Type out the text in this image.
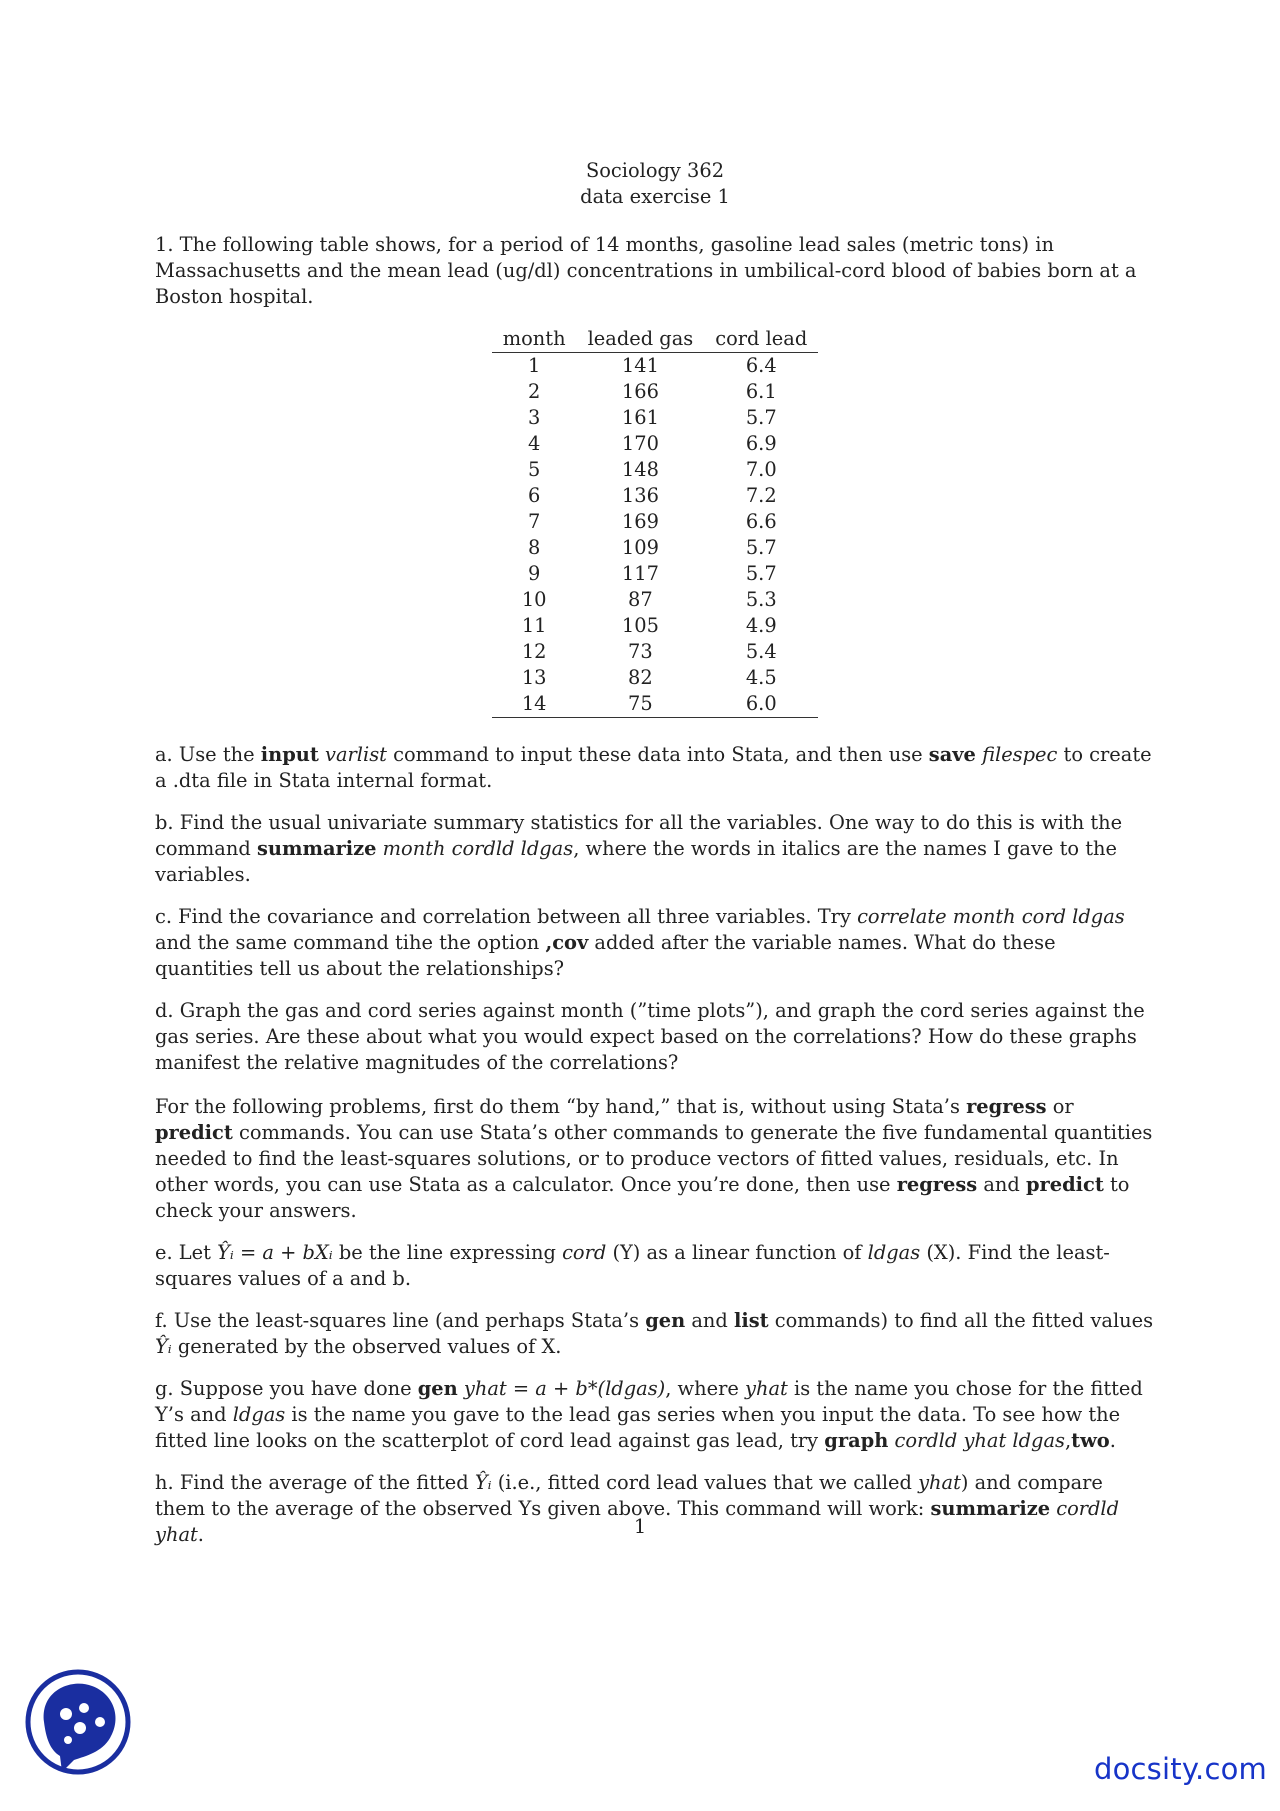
Sociology 362
data exercise 1

1. The following table shows, for a period of 14 months, gasoline lead sales (metric tons) in Massachusetts and the mean lead (ug/dl) concentrations in umbilical-cord blood of babies born at a Boston hospital.

month	leaded gas	cord lead
1	141	6.4
2	166	6.1
3	161	5.7
4	170	6.9
5	148	7.0
6	136	7.2
7	169	6.6
8	109	5.7
9	117	5.7
10	87	5.3
11	105	4.9
12	73	5.4
13	82	4.5
14	75	6.0

a. Use the input varlist command to input these data into Stata, and then use save filespec to create a .dta file in Stata internal format.

b. Find the usual univariate summary statistics for all the variables. One way to do this is with the command summarize month cordld ldgas, where the words in italics are the names I gave to the variables.

c. Find the covariance and correlation between all three variables. Try correlate month cord ldgas and the same command tihe the option ,cov added after the variable names. What do these quantities tell us about the relationships?

d. Graph the gas and cord series against month (”time plots”), and graph the cord series against the gas series. Are these about what you would expect based on the correlations? How do these graphs manifest the relative magnitudes of the correlations?

For the following problems, first do them “by hand,” that is, without using Stata’s regress or predict commands. You can use Stata’s other commands to generate the five fundamental quantities needed to find the least-squares solutions, or to produce vectors of fitted values, residuals, etc. In other words, you can use Stata as a calculator. Once you’re done, then use regress and predict to check your answers.

e. Let Ŷᵢ = a + bXᵢ be the line expressing cord (Y) as a linear function of ldgas (X). Find the least-squares values of a and b.

f. Use the least-squares line (and perhaps Stata’s gen and list commands) to find all the fitted values Ŷᵢ generated by the observed values of X.

g. Suppose you have done gen yhat = a + b*(ldgas), where yhat is the name you chose for the fitted Y’s and ldgas is the name you gave to the lead gas series when you input the data. To see how the fitted line looks on the scatterplot of cord lead against gas lead, try graph cordld yhat ldgas,two.

h. Find the average of the fitted Ŷᵢ (i.e., fitted cord lead values that we called yhat) and compare them to the average of the observed Ys given above. This command will work: summarize cordld yhat.	1
docsity.com
